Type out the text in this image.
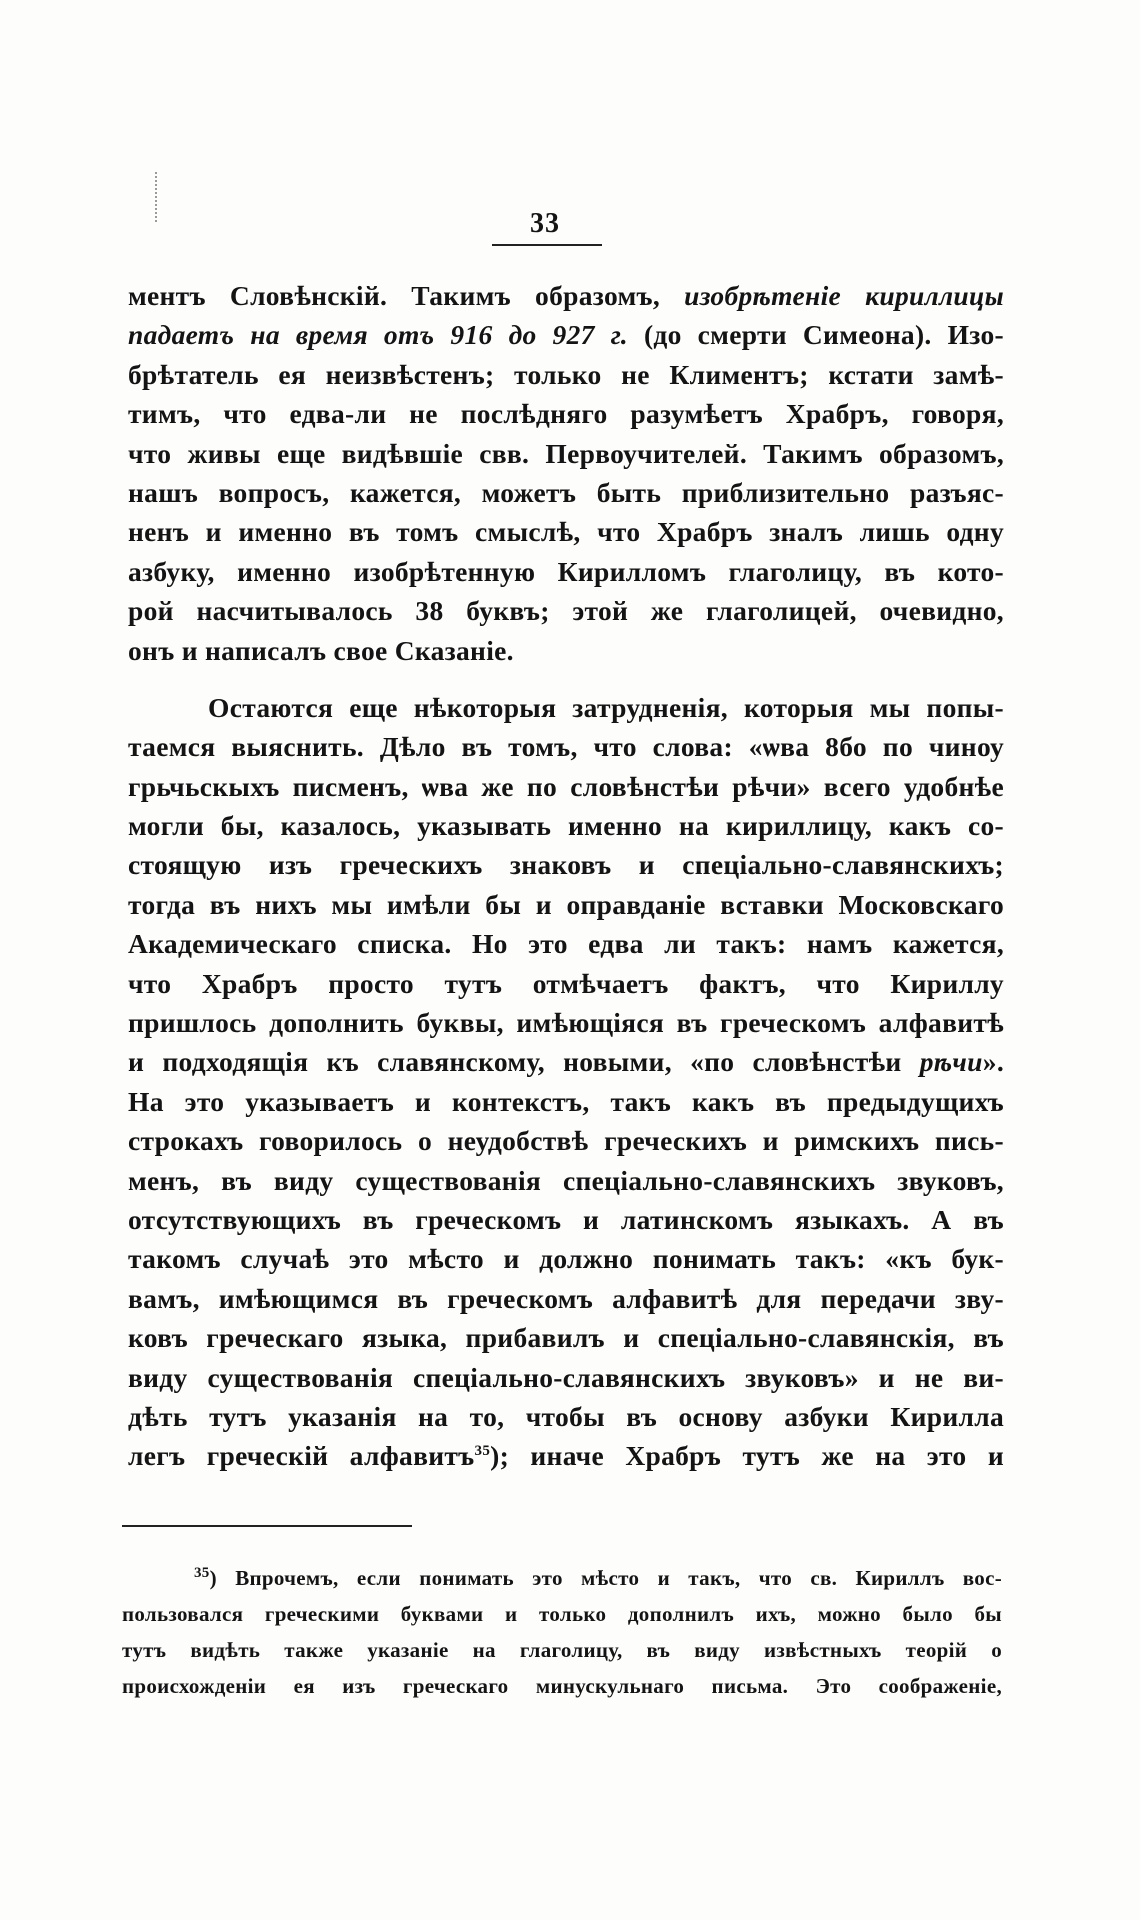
33
ментъ Словѣнскій. Такимъ образомъ, изобрѣтеніе кириллицы
падаетъ на время отъ 916 до 927 г. (до смерти Симеона). Изо-
брѣтатель ея неизвѣстенъ; только не Климентъ; кстати замѣ-
тимъ, что едва-ли не послѣдняго разумѣетъ Храбръ, говоря,
что живы еще видѣвшіе свв. Первоучителей. Такимъ образомъ,
нашъ вопросъ, кажется, можетъ быть приблизительно разъяс-
ненъ и именно въ томъ смыслѣ, что Храбръ зналъ лишь одну
азбуку, именно изобрѣтенную Кирилломъ глаголицу, въ кото-
рой насчитывалось 38 буквъ; этой же глаголицей, очевидно,
онъ и написалъ свое Сказаніе.
Остаются еще нѣкоторыя затрудненія, которыя мы попы-
таемся выяснить. Дѣло въ томъ, что слова: «ѡва 8бо по чиноу
грьчьскыхъ писменъ, ѡва же по словѣнстѣи рѣчи» всего удобнѣе
могли бы, казалось, указывать именно на кириллицу, какъ со-
стоящую изъ греческихъ знаковъ и спеціально-славянскихъ;
тогда въ нихъ мы имѣли бы и оправданіе вставки Московскаго
Академическаго списка. Но это едва ли такъ: намъ кажется,
что Храбръ просто тутъ отмѣчаетъ фактъ, что Кириллу
пришлось дополнить буквы, имѣющіяся въ греческомъ алфавитѣ
и подходящія къ славянскому, новыми, «по словѣнстѣи рѣчи».
На это указываетъ и контекстъ, такъ какъ въ предыдущихъ
строкахъ говорилось о неудобствѣ греческихъ и римскихъ пись-
менъ, въ виду существованія спеціально-славянскихъ звуковъ,
отсутствующихъ въ греческомъ и латинскомъ языкахъ. А въ
такомъ случаѣ это мѣсто и должно понимать такъ: «къ бук-
вамъ, имѣющимся въ греческомъ алфавитѣ для передачи зву-
ковъ греческаго языка, прибавилъ и спеціально-славянскія, въ
виду существованія спеціально-славянскихъ звуковъ» и не ви-
дѣть тутъ указанія на то, чтобы въ основу азбуки Кирилла
легъ греческій алфавитъ$^{35}$); иначе Храбръ тутъ же на это и
$^{35}$) Впрочемъ, если понимать это мѣсто и такъ, что св. Кириллъ вос-
пользовался греческими буквами и только дополнилъ ихъ, можно было бы
тутъ видѣть также указаніе на глаголицу, въ виду извѣстныхъ теорій о
происхожденіи ея изъ греческаго минускульнаго письма. Это соображеніе,
